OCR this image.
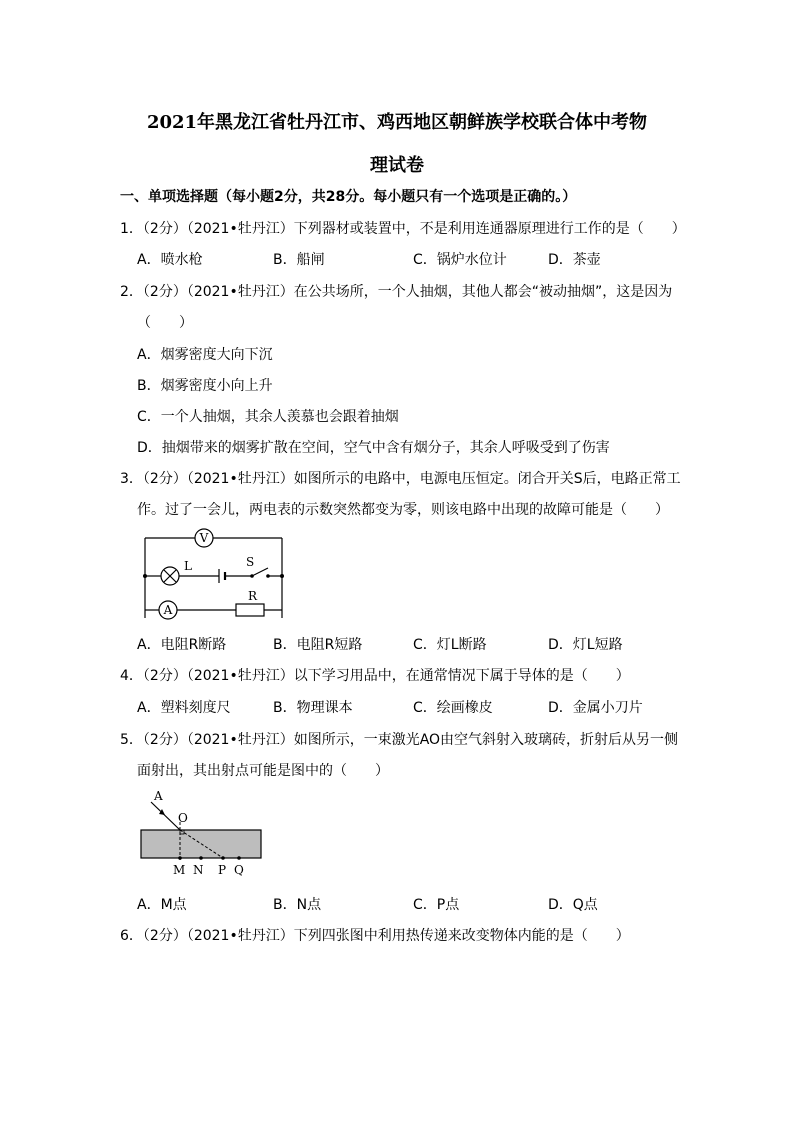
2021年黑龙江省牡丹江市、鸡西地区朝鲜族学校联合体中考物
理试卷
一、单项选择题（每小题2分，共28分。每小题只有一个选项是正确的。）
1．（2分）（2021•牡丹江）下列器材或装置中，不是利用连通器原理进行工作的是（　　）
A．喷水枪	B．船闸	C．锅炉水位计	D．茶壶
2．（2分）（2021•牡丹江）在公共场所，一个人抽烟，其他人都会“被动抽烟”，这是因为
（　　）
A．烟雾密度大向下沉
B．烟雾密度小向上升
C．一个人抽烟，其余人羡慕也会跟着抽烟
D．抽烟带来的烟雾扩散在空间，空气中含有烟分子，其余人呼吸受到了伤害
3．（2分）（2021•牡丹江）如图所示的电路中，电源电压恒定。闭合开关S后，电路正常工
作。过了一会儿，两电表的示数突然都变为零，则该电路中出现的故障可能是（　　）
V
A
L	S
R
A．电阻R断路	B．电阻R短路	C．灯L断路	D．灯L短路
4．（2分）（2021•牡丹江）以下学习用品中，在通常情况下属于导体的是（　　）
A．塑料刻度尺	B．物理课本	C．绘画橡皮	D．金属小刀片
5．（2分）（2021•牡丹江）如图所示，一束激光AO由空气斜射入玻璃砖，折射后从另一侧
面射出，其出射点可能是图中的（　　）
A
O
M N P Q
A．M点	B．N点	C．P点	D．Q点
6．（2分）（2021•牡丹江）下列四张图中利用热传递来改变物体内能的是（　　）
